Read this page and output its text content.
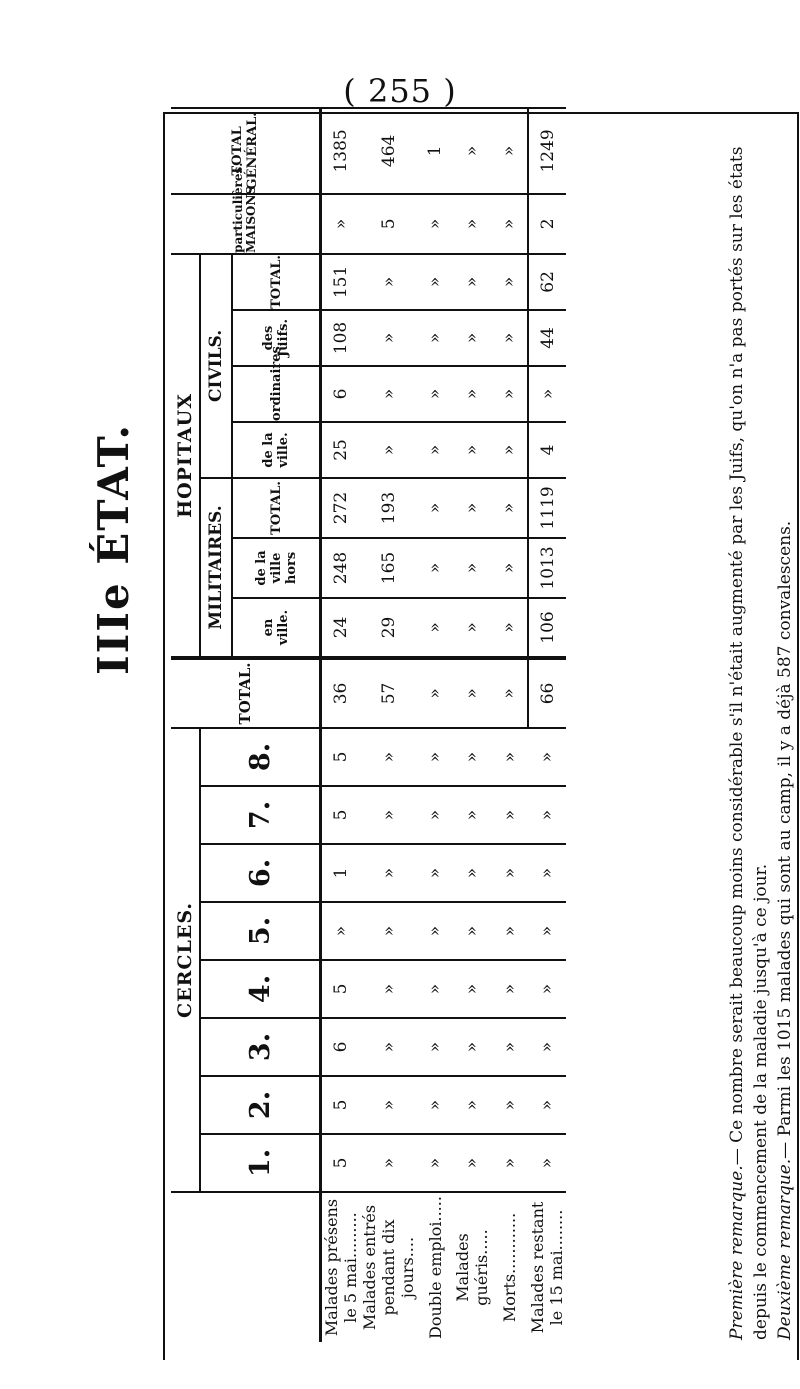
( 255 )
IIIe ÉTAT.
	CERCLES.								TOTAL.	HOPITAUX							particulières. MAISONS	TOTAL GÉNÉRAL.
	1.	2.	3.	4.	5.	6.	7.	8.		MILITAIRES.			CIVILS.					
										en ville.	de la ville hors	TOTAL.	de la ville.	ordinaires.	des Juifs.	TOTAL.		
Malades présens le 5 mai.........	5	5	6	5	»	1	5	5	36	24	248	272	25	6	108	151	»	1385
Malades entrés pendant dix jours....	»	»	»	»	»	»	»	»	57	29	165	193	»	»	»	»	5	464
Double emploi.....	»	»	»	»	»	»	»	»	»	»	»	»	»	»	»	»	»	1
Malades guéris.....	»	»	»	»	»	»	»	»	»	»	»	»	»	»	»	»	»	»
Morts............	»	»	»	»	»	»	»	»	»	»	»	»	»	»	»	»	»	»
Malades restant le 15 mai........	»	»	»	»	»	»	»	»	66	106	1013	1119	4	»	44	62	2	1249

Première remarque.— Ce nombre serait beaucoup moins considérable s'il n'était augmenté par les Juifs, qu'on n'a pas portés sur les états depuis le commencement de la maladie jusqu'à ce jour. Deuxième remarque.— Parmi les 1015 malades qui sont au camp, il y a déjà 587 convalescens.
